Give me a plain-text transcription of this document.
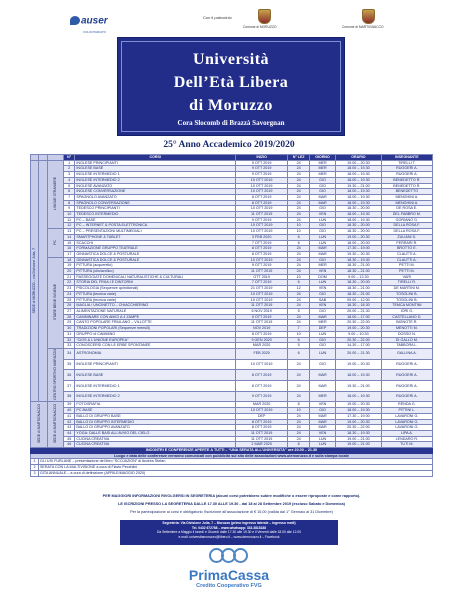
auser
VOLONTARIATO
Con il patrocinio
Comune di MORUZZO	Comune di MARTIGNACCO
Università
Dell’Età Libera
di Moruzzo
Cora Slocomb di Brazzà Savorgnan
25° Anno Accademico 2019/2020
			N°	CORSI	INIZIO	N° LEZ	GIORNO	ORARIO	INSEGNANTE
SEDE di MORUZZO – via Divisione Julia, 7		LINGUE STRANIERE	1	INGLESE PRINCIPIANTI	9 OTT 2019	24	MER	19.00 – 20.30	TIRELLI T.
			2	INGLESE BASE	9 OTT 2019	24	MER	18.00 – 19.30	RUGGERI A.
			3	INGLESE INTERMEDIO 1	9 OTT 2019	24	MER	18.00 – 19.30	RUGGERI A.
			4	INGLESE INTERMEDIO 2	10 OTT 2019	24	GIO	18.00 – 19.30	BENEDETTO R.
			5	INGLESE AVANZATO	10 OTT 2019	24	GIO	19.30 – 21.00	BENEDETTO R.
			6	INGLESE CONVERSAZIONE	10 OTT 2019	24	GIO	18.00 – 19.30	BENEDETTO
			7	SPAGNOLO AVANZATO	8 OTT 2019	24	MAR	18.00 – 19.30	MENGHINI A.
			8	SPAGNOLO CONVERSAZIONE	8 OTT 2019	24	MAR	18.00 – 19.30	MENGHINI A.
			9	TEDESCO PRINCIPIANTI	10 OTT 2019	24	GIO	18.30 – 20.00	DE ROSA E.
			10	TEDESCO INTERMEDIO	11 OTT 2019	24	VEN	18.00 – 19.30	DEL FABBRO M.
			11	PC – BASE	9 OTT 2019	24	LUN	18.00 – 19.30	GORIANO G.
			12	PC – INTERNET & POSTA ELETTRONICA	10 OTT 2019	10	GIO	18.30 – 20.00	DELLA ROSA F.
		PC	13	PC – PRESENTAZIONI MULTIMEDIALI	10 OTT 2019	10	GIO	18.30 – 20.00	DELLA ROSA F.
			14	SMARTPHONE & TABLET	3 FEB 2020	6	LUN	19.00 – 20.30	ZULIANI D.
			15	SCACCHI	7 OTT 2019	6	LUN	18.00 – 20.00	FERRARI R.
			16	FORMAZIONE GRUPPO TEATRALE	8 OTT 2019	24	MAR	17.30 – 19.00	BROTTO E.
			17	GINNASTICA DOLCE & POSTURALE	8 OTT 2019	24	MAR	19.30 – 20.30	CLAUTTI A.
		STARE BENE INSIEME	18	GINNASTICA DOLCE & POSTURALE	10 OTT 2019	24	GIO	18.30 – 19.30	CLAUTTI A.
			19	PITTURA (acquerello)	9 OTT 2019	24	MER	18.30 – 21.00	PETTI M.
			20	PITTURA (olio/acrilico)	11 OTT 2019	24	VEN	18.30 – 21.00	PETTI M.
			21	PASSEGGIATE DOMENICALI NATURALISTICHE & CULTURALI	OTT 2019	10	DOM	9.00 – 12.30	VARI
			22	STORIA DEL FRIULI E DINTORNI	7 OTT 2019	6	LUN	18.30 – 20.00	TIRELLI R.
			23	PSICOLOGIA (Sequenze quindicinali)	21 OTT 2019	12	VEN	18.30 – 21.00	DE MARTINI M.
			24	PITTURA (tecnica varie)	10 OTT 2019	24	GIO	18.30 – 21.00	TOSOLINI B.
			25	PITTURA (tecnica varie)	10 OTT 2019	24	SAB	09.00 – 12.00	TOSOLINI B.
			26	MAGLIA / UNCINETTO – CHIACCHIERINO	11 OTT 2019	24	VEN	16.30 – 18.30	TEMCA MONTINI
			27	ALIMENTAZIONE NATURALE	6 NOV 2019	5	GIO	20.00 – 21.30	IORI G.
			28	CAMMINARE CON AMICI A 4 ZAMPE	5 OTT 2019	24	MAR	18.00 – 17.00	CASTELLANO D.
			29	CANTO POPOLARE FRIULANO – VILLOTTE	11 OTT 2019	24	MER	20.30 – 22.00	BIGNOTE R.
			30	TRADIZIONI POPOLARI (Sequenze mensili)	NOV 2019	7	DEP	19.00 – 20.30	MENOTTI M.
			31	GRUPPO di CAMMINO	8 OTT 2019	10	LUN	9.00 – 10.30	DOSSO N.
			32	“CIOS & L’UNIONE EUROPEA”	9 GEN 2020	6	GIO	20.30 – 22.00	DI GALLO M.
			33	CONOSCERSI CON LE ERBE SPONTANEE	MAR 2020	5	GIO	14.30 – 17.00	TABBORA L.
		CENTRO SPORTIVO MORUZZO	34	ASTRONOMIA	FEB 2020	6	LUN	20.00 – 21.30	GALLINA A.
			35	INGLESE PRINCIPIANTI	10 OTT 2019	24	GIO	19.00 – 20.30	RUGGERI A.
			36	INGLESE BASE	8 OTT 2019	24	MAR	18.00 – 19.30	RUGGERI A.
			37	INGLESE INTERMEDIO 1	8 OTT 2019	24	MAR	19.30 – 21.00	RUGGERI A.
			38	INGLESE INTERMEDIO 2	9 OTT 2019	24	MER	18.00 – 19.30	RUGGERI A.
SEDE di MARTIGNACCO		SEDE di MARTIGNACCO	39	FOTOGRAFIA	MAR 2020	8	VEN	19.00 – 20.30	RENDA G.
			40	PC BASE	10 OTT 2019	10	GIO	18.00 – 19.30	PITTINI L.
			41	BALLO DI GRUPPO BASE	DEP	24	MAR	17.30 – 19.00	LAVARONI G.
			42	BALLO DI GRUPPO INTERMEDIO	8 OTT 2019	24	MAR	19.00 – 20.30	LAVARONI G.
			43	BALLO DI GRUPPO AVANZATO	8 OTT 2019	24	MAR	20.30 – 22.00	LAVARONI G.
			44	YOGA: DALLE BASI ALL’AVVIO DEL CIELO	11 OTT 2019	24	VEN	18.30 – 19.30	LIPA A.
			45	CUCINA CREATIVA	11 OTT 2019	24	LUN	19.00 – 21.00	LENDARO R.
			46	CUCINA CREATIVA	2 MAR 2020	6	LUN	19.00 – 21.00	TUTI M.
INCONTRI E CONFERENZE APERTE A TUTTI – “UNA SERATA ALL’UNIVERSITÀ” ore 20.00 – 21.30									
Luogo e data delle conferenze verranno comunicati con pubblicità sul sito delle associazioni www.utemoruzzo.it e sulla stampa locale									
1	GLI USI FURLANE – presentazione del libro “SCOJAZION” di Andrea Stefan								
2	SERATA CON LA MULTIVISIONE a cura di Flavio Pecchiini								
3	GITA ANNUALE – a cura di definizione (APRILE/MAGGIO 2020)								
PER MAGGIORI INFORMAZIONI RIVOLGERSI IN SEGRETERIA (alcuni corsi potrebbero subire modifiche o essere riproposte e come rapporto).
LE ISCRIZIONI PRESSO LA SEGRETERIA DALLE 17.30 ALLE 19.30 - dal 18 al 28 Settembre 2019 (escluso Sabato e Domenica)
Per la partecipazione ai corsi è obbligatorio l’iscrizione all’associazione di € 15,00 (valida dal 1° Gennaio al 31 Dicembre)
Segreteria: Via Divisione Julia, 7 – Moruzzo (primo ingresso laterale – ingresso medi)
Tel. 0432 672788 – www.whatsapp: 333.3818188
Da Settembre a Maggio il lunedì e Giovedì dalle 17.30 alle 19.30 e il Venerdì dalle 18.00 alle 12.00
e-mail: universitamoruzzo@libero.it – www.utemoruzzo.it – Facebook
PrimaCassa
Credito Cooperativo FVG
